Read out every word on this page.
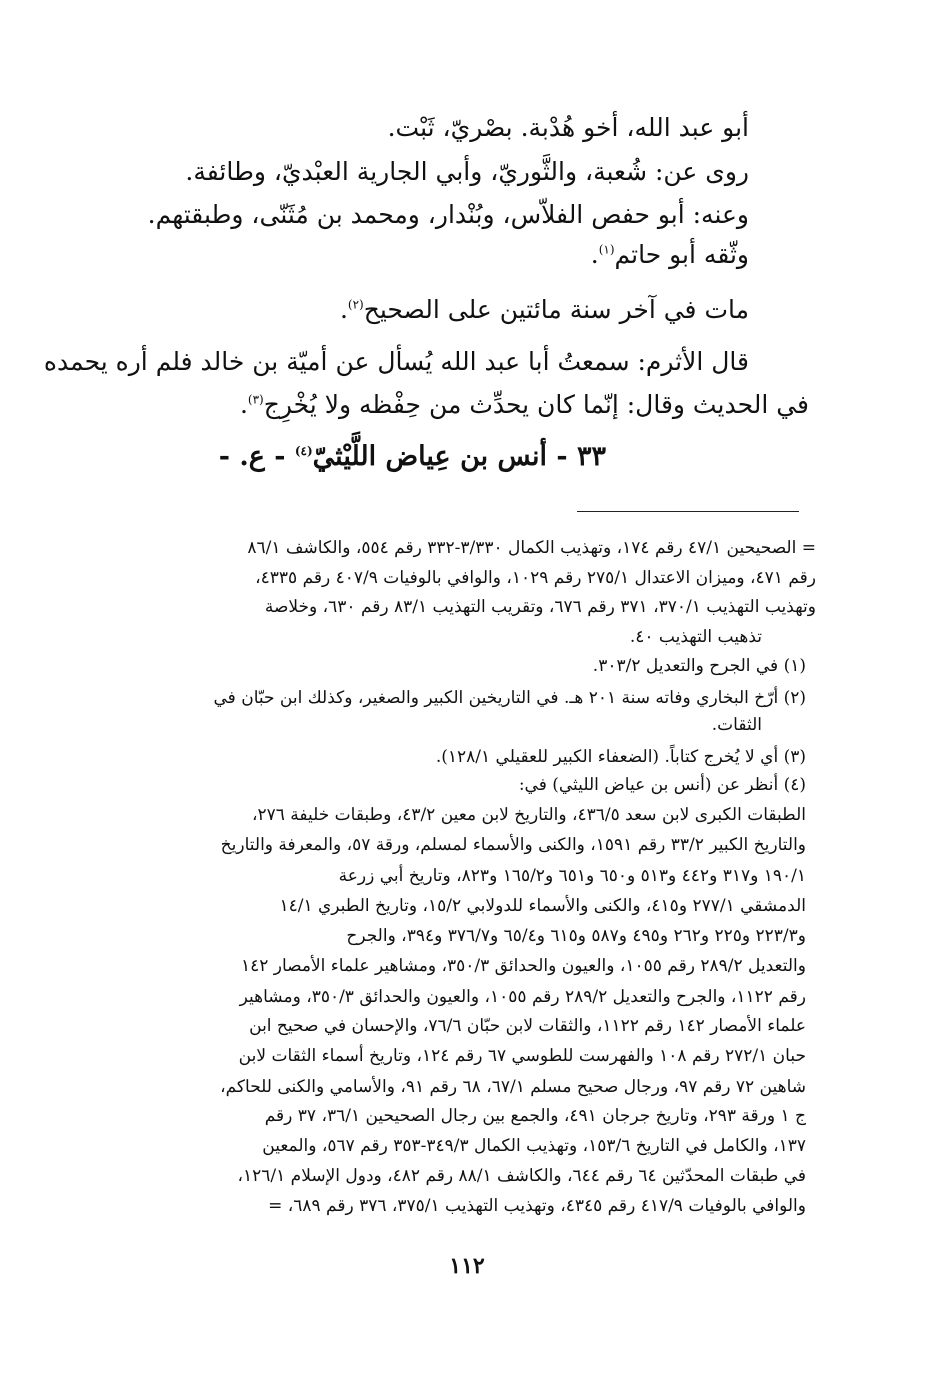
أبو عبد الله، أخو هُدْبة. بصْريّ، ثَبْت.
روى عن: شُعبة، والثَّوريّ، وأبي الجارية العبْديّ، وطائفة.
وعنه: أبو حفص الفلاّس، وبُنْدار، ومحمد بن مُثَنّى، وطبقتهم.
وثّقه أبو حاتم$^{(١)}$.
مات في آخر سنة مائتين على الصحيح$^{(٢)}$.
قال الأثرم: سمعتُ أبا عبد الله يُسأل عن أميّة بن خالد فلم أره يحمده
في الحديث وقال: إنّما كان يحدِّث من حِفْظه ولا يُخْرِج$^{(٣)}$.
٣٣ - أنس بن عِياض اللَّيْثيّ$^{(٤)}$ - ع. -
= الصحيحين ٤٧/١ رقم ١٧٤، وتهذيب الكمال ٣/٣٣٠-٣٣٢ رقم ٥٥٤، والكاشف ٨٦/١
رقم ٤٧١، وميزان الاعتدال ٢٧٥/١ رقم ١٠٢٩، والوافي بالوفيات ٤٠٧/٩ رقم ٤٣٣٥،
وتهذيب التهذيب ٣٧٠/١، ٣٧١ رقم ٦٧٦، وتقريب التهذيب ٨٣/١ رقم ٦٣٠، وخلاصة
تذهيب التهذيب ٤٠.
(١) في الجرح والتعديل ٣٠٣/٢.
(٢) أرّخ البخاري وفاته سنة ٢٠١ هـ. في التاريخين الكبير والصغير، وكذلك ابن حبّان في
الثقات.
(٣) أي لا يُخرج كتاباً. (الضعفاء الكبير للعقيلي ١٢٨/١).
(٤) أنظر عن (أنس بن عياض الليثي) في:
الطبقات الكبرى لابن سعد ٤٣٦/٥، والتاريخ لابن معين ٤٣/٢، وطبقات خليفة ٢٧٦،
والتاريخ الكبير ٣٣/٢ رقم ١٥٩١، والكنى والأسماء لمسلم، ورقة ٥٧، والمعرفة والتاريخ
١٩٠/١ و٣١٧ و٤٤٢ و٥١٣ و٦٥٠ و٦٥١ و١٦٥/٢ و٨٢٣، وتاريخ أبي زرعة
الدمشقي ٢٧٧/١ و٤١٥، والكنى والأسماء للدولابي ١٥/٢، وتاريخ الطبري ١٤/١
و٢٢٣/٣ و٢٢٥ و٢٦٢ و٤٩٥ و٥٨٧ و٦١٥ و٦٥/٤ و٣٧٦/٧ و٣٩٤، والجرح
والتعديل ٢٨٩/٢ رقم ١٠٥٥، والعيون والحدائق ٣٥٠/٣، ومشاهير علماء الأمصار ١٤٢
رقم ١١٢٢، والجرح والتعديل ٢٨٩/٢ رقم ١٠٥٥، والعيون والحدائق ٣٥٠/٣، ومشاهير
علماء الأمصار ١٤٢ رقم ١١٢٢، والثقات لابن حبّان ٧٦/٦، والإحسان في صحيح ابن
حبان ٢٧٢/١ رقم ١٠٨ والفهرست للطوسي ٦٧ رقم ١٢٤، وتاريخ أسماء الثقات لابن
شاهين ٧٢ رقم ٩٧، ورجال صحيح مسلم ٦٧/١، ٦٨ رقم ٩١، والأسامي والكنى للحاكم،
ج ١ ورقة ٢٩٣، وتاريخ جرجان ٤٩١، والجمع بين رجال الصحيحين ٣٦/١، ٣٧ رقم
١٣٧، والكامل في التاريخ ١٥٣/٦، وتهذيب الكمال ٣٤٩/٣-٣٥٣ رقم ٥٦٧، والمعين
في طبقات المحدّثين ٦٤ رقم ٦٤٤، والكاشف ٨٨/١ رقم ٤٨٢، ودول الإسلام ١٢٦/١،
والوافي بالوفيات ٤١٧/٩ رقم ٤٣٤٥، وتهذيب التهذيب ٣٧٥/١، ٣٧٦ رقم ٦٨٩، =
١١٢
